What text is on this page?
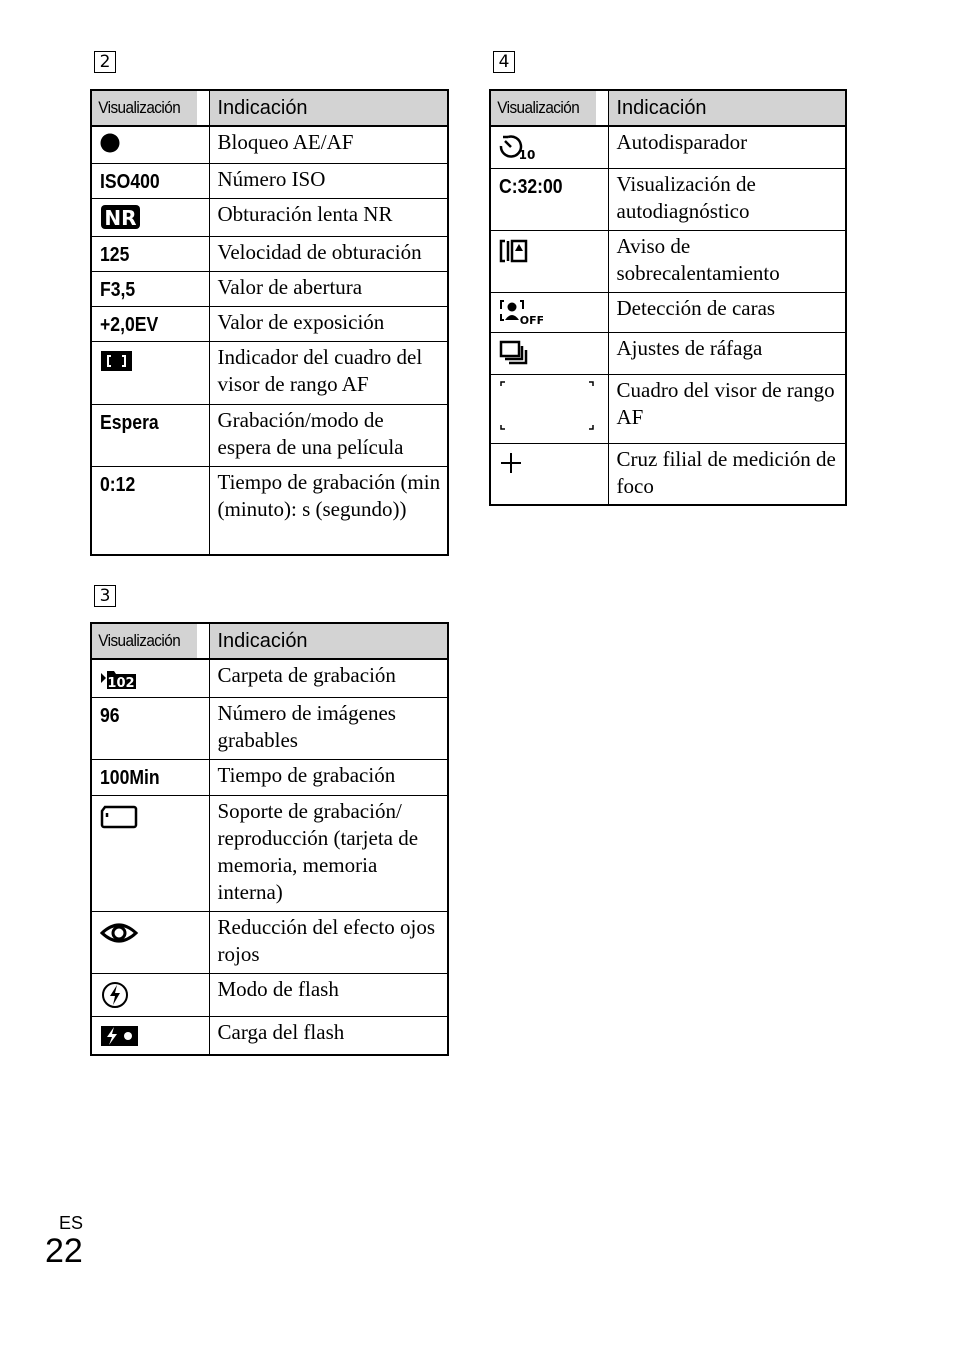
2
Visualización	Indicación
	Bloqueo AE/AF
ISO400	Número ISO

NR	Obturación lenta NR
125	Velocidad de obturación
F3,5	Valor de abertura
+2,0EV	Valor de exposición
	Indicador del cuadro del visor de rango AF
Espera	Grabación/modo de espera de una película
0:12	Tiempo de grabación (min (minuto): s (segundo))
3
Visualización	Indicación

102	Carpeta de grabación
96	Número de imágenes grabables
100Min	Tiempo de grabación
	Soporte de grabación/ reproducción (tarjeta de memoria, memoria interna)
	Reducción del efecto ojos rojos
	Modo de flash
	Carga del flash
4
Visualización	Indicación

10	Autodisparador
C:32:00	Visualización de autodiagnóstico
	Aviso de sobrecalentamiento

OFF	Detección de caras
	Ajustes de ráfaga

	Cuadro del visor de rango AF
	Cruz filial de medición de foco
ES
22
